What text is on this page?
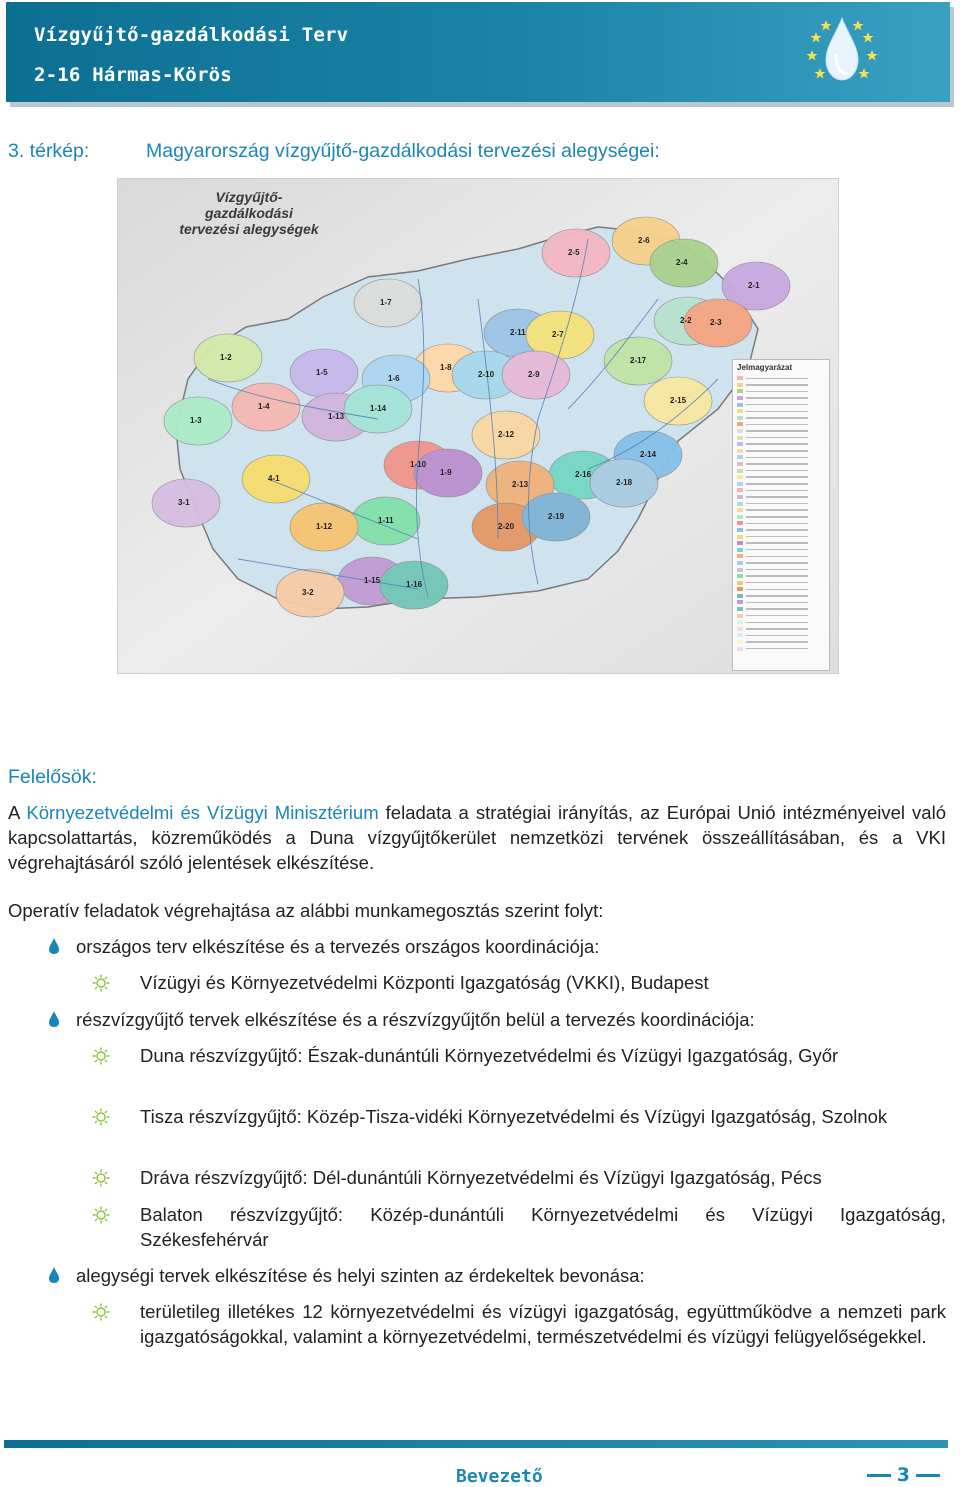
Vízgyűjtő-gazdálkodási Terv
2-16 Hármas-Körös
3. térkép:	Magyarország vízgyűjtő-gazdálkodási tervezési alegységei:
2-5
2-6
2-4
2-1
2-11	2-7
2-2 2-3
1-7
1-2
1-5
1-8
2-10	2-9
2-17
2-15
1-6
1-4
1-13
1-14
2-12
1-3
1-10
2-14
4-1
1-9	2-16
2-13	2-18
3-1
1-11
1-12	2-20
2-19
1-15	1-16
3-2
Vízgyűjtő-gazdálkodási
tervezési alegységek
Jelmagyarázat
Felelősök:
A Környezetvédelmi és Vízügyi Minisztérium feladata a stratégiai irányítás, az Európai Unió intézményeivel való kapcsolattartás, közreműködés a Duna vízgyűjtőkerület nemzetközi tervének összeállításában, és a VKI végrehajtásáról szóló jelentések elkészítése.
Operatív feladatok végrehajtása az alábbi munkamegosztás szerint folyt:
országos terv elkészítése és a tervezés országos koordinációja:
Vízügyi és Környezetvédelmi Központi Igazgatóság (VKKI), Budapest
részvízgyűjtő tervek elkészítése és a részvízgyűjtőn belül a tervezés koordinációja:
Duna részvízgyűjtő: Észak-dunántúli Környezetvédelmi és Vízügyi Igazgatóság, Győr
Tisza részvízgyűjtő: Közép-Tisza-vidéki Környezetvédelmi és Vízügyi Igazgatóság, Szolnok
Dráva részvízgyűjtő: Dél-dunántúli Környezetvédelmi és Vízügyi Igazgatóság, Pécs
Balaton részvízgyűjtő: Közép-dunántúli Környezetvédelmi és Vízügyi Igazgatóság, Székesfehérvár
alegységi tervek elkészítése és helyi szinten az érdekeltek bevonása:
területileg illetékes 12 környezetvédelmi és vízügyi igazgatóság, együttműködve a nemzeti park igazgatóságokkal, valamint a környezetvédelmi, természetvédelmi és vízügyi felügyelőségekkel.
Bevezető	3
